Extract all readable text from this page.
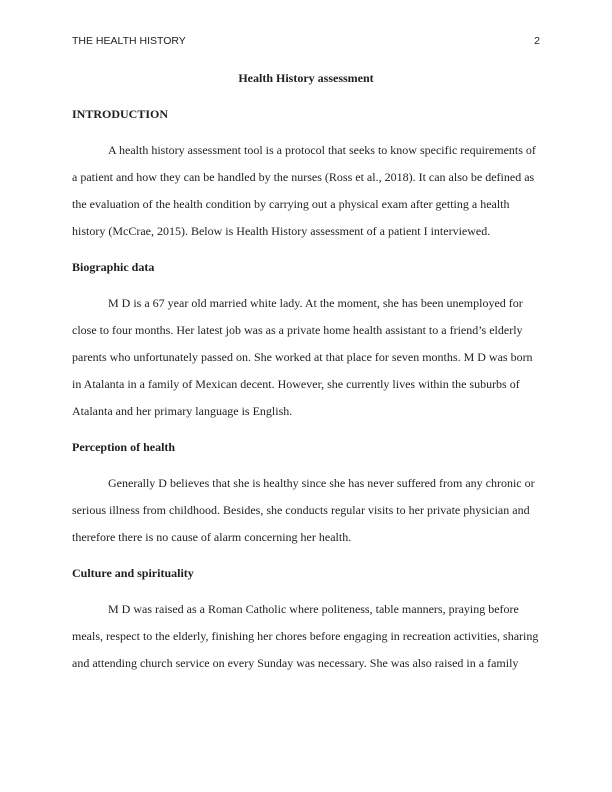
THE HEALTH HISTORY	2
Health History assessment
INTRODUCTION
A health history assessment tool is a protocol that seeks to know specific requirements of
a patient and how they can be handled by the nurses (Ross et al., 2018). It can also be defined as
the evaluation of the health condition by carrying out a physical exam after getting a health
history (McCrae, 2015). Below is Health History assessment of a patient I interviewed.
Biographic data
M D is a 67 year old married white lady. At the moment, she has been unemployed for
close to four months. Her latest job was as a private home health assistant to a friend’s elderly
parents who unfortunately passed on. She worked at that place for seven months. M D was born
in Atalanta in a family of Mexican decent. However, she currently lives within the suburbs of
Atalanta and her primary language is English.
Perception of health
Generally D believes that she is healthy since she has never suffered from any chronic or
serious illness from childhood. Besides, she conducts regular visits to her private physician and
therefore there is no cause of alarm concerning her health.
Culture and spirituality
M D was raised as a Roman Catholic where politeness, table manners, praying before
meals, respect to the elderly, finishing her chores before engaging in recreation activities, sharing
and attending church service on every Sunday was necessary. She was also raised in a family
